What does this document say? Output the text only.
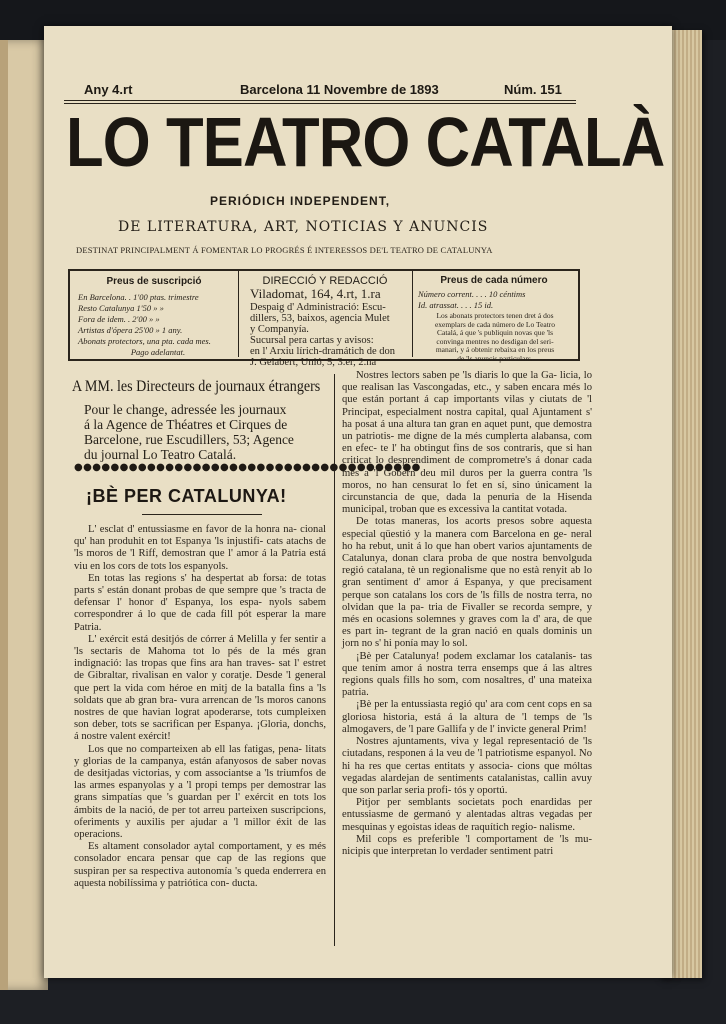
Any 4.rt	Barcelona 11 Novembre de 1893	Núm. 151
LO TEATRO CATALÀ
PERIÓDICH INDEPENDENT,
DE LITERATURA, ART, NOTICIAS Y ANUNCIS
DESTINAT PRINCIPALMENT Á FOMENTAR LO PROGRÉS É INTERESSOS DE'L TEATRO DE CATALUNYA
Preus de suscripció
En Barcelona. . 1'00 ptas. trimestre
Resto Catalunya 1'50 » »
Fora de idem. . 2'00 » »
Artistas d'ópera 25'00 » 1 any.
Abonats protectors, una pta. cada mes.
Pago adelantat.
DIRECCIÓ Y REDACCIÓ
Viladomat, 164, 4.rt, 1.ra
Despaig d' Administració: Escu-
dillers, 53, baixos, agencia Mulet
y Companyía.
Sucursal pera cartas y avisos:
en l' Arxiu lírich-dramátich de don
J. Gelabert, Unió, 5, 3.er, 2.na
Preus de cada número
Número corrent. . . . 10 céntims
Id. atrassat. . . . 15 id.
Los abonats protectors tenen dret á dos
exemplars de cada número de Lo Teatro
Catalá, á que 's publiquin novas que 'ls
convinga mentres no desdigan del seri-
manari, y á obtenir rebaixa en los preus
de 'ls anuncis particulars.
A MM. les Directeurs de journaux étrangers
Pour le change, adressée les journaux
á la Agence de Théatres et Cirques de
Barcelone, rue Escudillers, 53; Agence
du journal Lo Teatro Catalá.
●●●●●●●●●●●●●●●●●●●●●●●●●●●●●●●●●●●●●●
¡BÈ PER CATALUNYA!

L' esclat d' entussiasme en favor de la honra na- cional qu' han produhit en tot Espanya 'ls injustifi- cats atachs de 'ls moros de 'l Riff, demostran que l' amor á la Patria está viu en los cors de tots los espanyols.

En totas las regions s' ha despertat ab forsa: de totas parts s' están donant probas de que sempre que 's tracta de defensar l' honor d' Espanya, los espa- nyols sabem correspondrer á lo que de cada fill pót esperar la mare Patria.

L' exércit está desitjós de córrer á Melilla y fer sentir a 'ls sectaris de Mahoma tot lo pés de la més gran indignació: las tropas que fins ara han traves- sat l' estret de Gibraltar, rivalisan en valor y coratje. Desde 'l general que pert la vida com héroe en mitj de la batalla fins a 'ls soldats que ab gran bra- vura arrencan de 'ls moros canons nostres de que havian lograt apoderarse, tots cumpleixen son deber, tots se sacrifican per Espanya. ¡Gloria, donchs, á nostre valent exércit!

Los que no comparteixen ab ell las fatigas, pena- litats y glorias de la campanya, están afanyosos de saber novas de desitjadas victorias, y com associantse a 'ls triumfos de las armes espanyolas y a 'l propi temps per demostrar las grans simpatías que 's guardan per l' exércit en tots los ámbits de la nació, de per tot arreu parteixen suscripcions, oferiments y auxilis per ajudar a 'l millor éxit de las operacions.

Es altament consolador aytal comportament, y es més consolador encara pensar que cap de las regions que suspiran per sa respectiva autonomía 's queda enderrera en aquesta nobilíssima y patriótica con- ducta.

Nostres lectors saben pe 'ls diaris lo que la Ga- licia, lo que realisan las Vascongadas, etc., y saben encara més lo que están portant á cap importants vilas y ciutats de 'l Principat, especialment nostra capital, qual Ajuntament s' ha posat á una altura tan gran en aquet punt, que demostra un patriotis- me digne de la més cumplerta alabansa, com en efec- te l' ha obtingut fins de sos contraris, que si han criticat lo desprendiment de comprometre's á donar cada mes a 'l Gobern deu mil duros per la guerra contra 'ls moros, no han censurat lo fet en sí, sino únicament la circunstancia de que, dada la penuria de la Hisenda municipal, troban que es excessiva la cantitat votada.

De totas maneras, los acorts presos sobre aquesta especial qüestió y la manera com Barcelona en ge- neral ho ha rebut, unit á lo que han obert varios ajuntaments de Catalunya, donan clara proba de que nostra benvolguda regió catalana, tè un regionalisme que no està renyit ab lo gran sentiment d' amor á Espanya, y que precisament perque son catalans los cors de 'ls fills de nostra terra, no olvidan que la pa- tria de Fivaller se recorda sempre, y més en ocasions solemnes y graves com la d' ara, de que es part in- tegrant de la gran nació en quals dominis un jorn no s' hi ponía may lo sol.

¡Bè per Catalunya! podem exclamar los catalanis- tas que tením amor á nostra terra ensemps que á las altres regions quals fills ho som, com nosaltres, d' una mateixa patria.

¡Bè per la entussiasta regió qu' ara com cent cops en sa gloriosa historia, está á la altura de 'l temps de 'ls almogavers, de 'l pare Gallifa y de l' invicte general Prim!

Nostres ajuntaments, viva y legal representació de 'ls ciutadans, responen á la veu de 'l patriotisme espanyol. No hi ha res que certas entitats y associa- cions que móltas vegadas alardejan de sentiments catalanistas, callin avuy que son parlar seria profi- tós y oportú.

Pitjor per semblants societats poch enardidas per entussiasme de germanó y alentadas altras vegadas per mesquinas y egoistas ideas de raquítich regio- nalisme.

Mil cops es preferible 'l comportament de 'ls mu- nicipis que interpretan lo verdader sentiment patri
